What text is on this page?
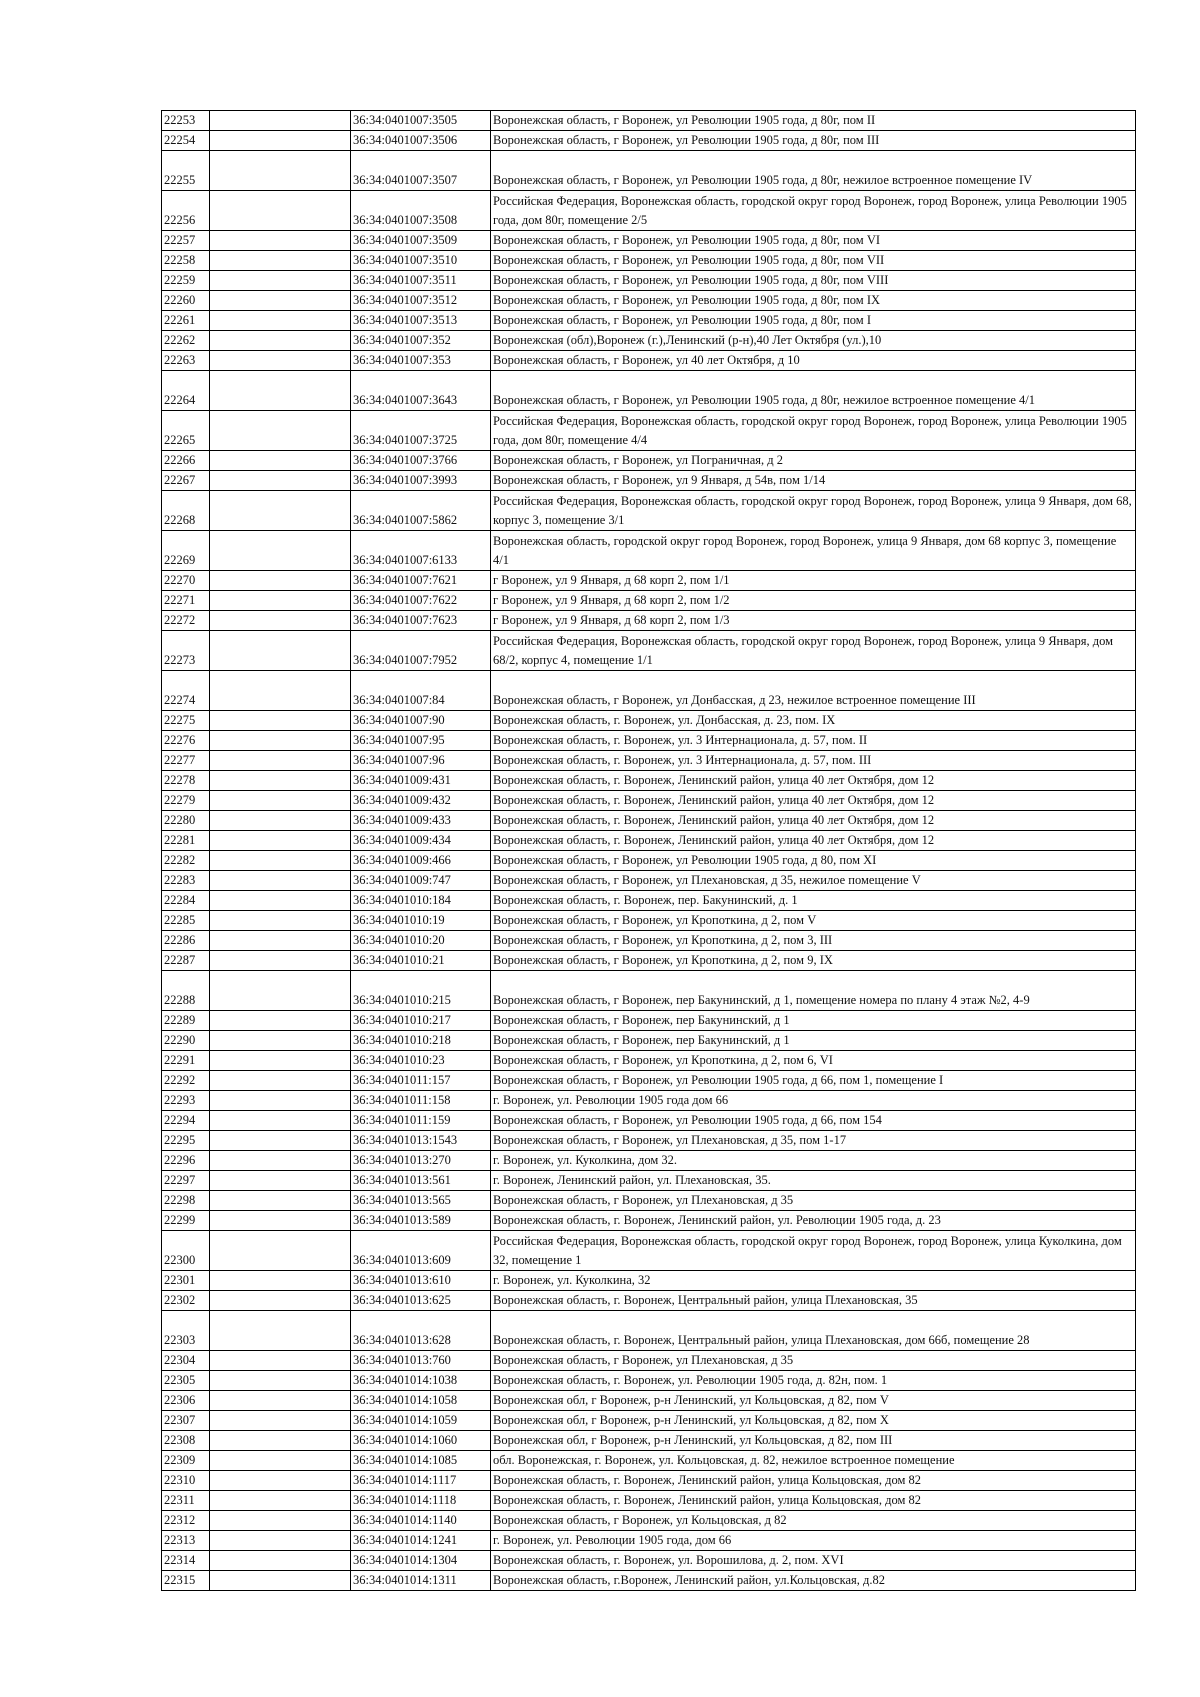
22253		36:34:0401007:3505	Воронежская область, г Воронеж, ул Революции 1905 года, д 80г, пом II
22254		36:34:0401007:3506	Воронежская область, г Воронеж, ул Революции 1905 года, д 80г, пом III
22255		36:34:0401007:3507	Воронежская область, г Воронеж, ул Революции 1905 года, д 80г, нежилое встроенное помещение IV
22256		36:34:0401007:3508	Российская Федерация, Воронежская область, городской округ город Воронеж, город Воронеж, улица Революции 1905 года, дом 80г, помещение 2/5
22257		36:34:0401007:3509	Воронежская область, г Воронеж, ул Революции 1905 года, д 80г, пом VI
22258		36:34:0401007:3510	Воронежская область, г Воронеж, ул Революции 1905 года, д 80г, пом VII
22259		36:34:0401007:3511	Воронежская область, г Воронеж, ул Революции 1905 года, д 80г, пом VIII
22260		36:34:0401007:3512	Воронежская область, г Воронеж, ул Революции 1905 года, д 80г, пом IX
22261		36:34:0401007:3513	Воронежская область, г Воронеж, ул Революции 1905 года, д 80г, пом I
22262		36:34:0401007:352	Воронежская (обл),Воронеж (г.),Ленинский (р-н),40 Лет Октября (ул.),10
22263		36:34:0401007:353	Воронежская область, г Воронеж, ул 40 лет Октября, д 10
22264		36:34:0401007:3643	Воронежская область, г Воронеж, ул Революции 1905 года, д 80г, нежилое встроенное помещение 4/1
22265		36:34:0401007:3725	Российская Федерация, Воронежская область, городской округ город Воронеж, город Воронеж, улица Революции 1905 года, дом 80г, помещение 4/4
22266		36:34:0401007:3766	Воронежская область, г Воронеж, ул Пограничная, д 2
22267		36:34:0401007:3993	Воронежская область, г Воронеж, ул 9 Января, д 54в, пом 1/14
22268		36:34:0401007:5862	Российская Федерация, Воронежская область, городской округ город Воронеж, город Воронеж, улица 9 Января, дом 68, корпус 3, помещение 3/1
22269		36:34:0401007:6133	Воронежская область, городской округ город Воронеж, город Воронеж, улица 9 Января, дом 68 корпус 3, помещение 4/1
22270		36:34:0401007:7621	г Воронеж, ул 9 Января, д 68 корп 2, пом 1/1
22271		36:34:0401007:7622	г Воронеж, ул 9 Января, д 68 корп 2, пом 1/2
22272		36:34:0401007:7623	г Воронеж, ул 9 Января, д 68 корп 2, пом 1/3
22273		36:34:0401007:7952	Российская Федерация, Воронежская область, городской округ город Воронеж, город Воронеж, улица 9 Января, дом 68/2, корпус 4, помещение 1/1
22274		36:34:0401007:84	Воронежская область, г Воронеж, ул Донбасская, д 23, нежилое встроенное помещение III
22275		36:34:0401007:90	Воронежская область, г. Воронеж, ул. Донбасская, д. 23, пом. IX
22276		36:34:0401007:95	Воронежская область, г. Воронеж, ул. 3 Интернационала, д. 57, пом. II
22277		36:34:0401007:96	Воронежская область, г. Воронеж, ул. 3 Интернационала, д. 57, пом. III
22278		36:34:0401009:431	Воронежская область, г. Воронеж, Ленинский район, улица 40 лет Октября, дом 12
22279		36:34:0401009:432	Воронежская область, г. Воронеж, Ленинский район, улица 40 лет Октября, дом 12
22280		36:34:0401009:433	Воронежская область, г. Воронеж, Ленинский район, улица 40 лет Октября, дом 12
22281		36:34:0401009:434	Воронежская область, г. Воронеж, Ленинский район, улица 40 лет Октября, дом 12
22282		36:34:0401009:466	Воронежская область, г Воронеж, ул Революции 1905 года, д 80, пом XI
22283		36:34:0401009:747	Воронежская область, г Воронеж, ул Плехановская, д 35, нежилое помещение V
22284		36:34:0401010:184	Воронежская область, г. Воронеж, пер. Бакунинский, д. 1
22285		36:34:0401010:19	Воронежская область, г Воронеж, ул Кропоткина, д 2, пом V
22286		36:34:0401010:20	Воронежская область, г Воронеж, ул Кропоткина, д 2, пом 3, III
22287		36:34:0401010:21	Воронежская область, г Воронеж, ул Кропоткина, д 2, пом 9, IX
22288		36:34:0401010:215	Воронежская область, г Воронеж, пер Бакунинский, д 1, помещение номера по плану 4 этаж №2, 4-9
22289		36:34:0401010:217	Воронежская область, г Воронеж, пер Бакунинский, д 1
22290		36:34:0401010:218	Воронежская область, г Воронеж, пер Бакунинский, д 1
22291		36:34:0401010:23	Воронежская область, г Воронеж, ул Кропоткина, д 2, пом 6, VI
22292		36:34:0401011:157	Воронежская область, г Воронеж, ул Революции 1905 года, д 66, пом 1, помещение I
22293		36:34:0401011:158	г. Воронеж, ул. Революции 1905 года дом 66
22294		36:34:0401011:159	Воронежская область, г Воронеж, ул Революции 1905 года, д 66, пом 154
22295		36:34:0401013:1543	Воронежская область, г Воронеж, ул Плехановская, д 35, пом 1-17
22296		36:34:0401013:270	г. Воронеж, ул. Куколкина, дом 32.
22297		36:34:0401013:561	г. Воронеж, Ленинский район, ул. Плехановская, 35.
22298		36:34:0401013:565	Воронежская область, г Воронеж, ул Плехановская, д 35
22299		36:34:0401013:589	Воронежская область, г. Воронеж, Ленинский район, ул. Революции 1905 года, д. 23
22300		36:34:0401013:609	Российская Федерация, Воронежская область, городской округ город Воронеж, город Воронеж, улица Куколкина, дом 32, помещение 1
22301		36:34:0401013:610	г. Воронеж, ул. Куколкина, 32
22302		36:34:0401013:625	Воронежская область, г. Воронеж, Центральный район, улица Плехановская, 35
22303		36:34:0401013:628	Воронежская область, г. Воронеж, Центральный район, улица Плехановская, дом 66б, помещение 28
22304		36:34:0401013:760	Воронежская область, г Воронеж, ул Плехановская, д 35
22305		36:34:0401014:1038	Воронежская область, г. Воронеж, ул. Революции 1905 года, д. 82н, пом. 1
22306		36:34:0401014:1058	Воронежская обл, г Воронеж, р-н Ленинский, ул Кольцовская, д 82, пом V
22307		36:34:0401014:1059	Воронежская обл, г Воронеж, р-н Ленинский, ул Кольцовская, д 82, пом X
22308		36:34:0401014:1060	Воронежская обл, г Воронеж, р-н Ленинский, ул Кольцовская, д 82, пом III
22309		36:34:0401014:1085	обл. Воронежская, г. Воронеж, ул. Кольцовская, д. 82, нежилое встроенное помещение
22310		36:34:0401014:1117	Воронежская область, г. Воронеж, Ленинский район, улица Кольцовская, дом 82
22311		36:34:0401014:1118	Воронежская область, г. Воронеж, Ленинский район, улица Кольцовская, дом 82
22312		36:34:0401014:1140	Воронежская область, г Воронеж, ул Кольцовская, д 82
22313		36:34:0401014:1241	г. Воронеж, ул. Революции 1905 года, дом 66
22314		36:34:0401014:1304	Воронежская область, г. Воронеж, ул. Ворошилова, д. 2, пом. XVI
22315		36:34:0401014:1311	Воронежская область, г.Воронеж, Ленинский район, ул.Кольцовская, д.82
